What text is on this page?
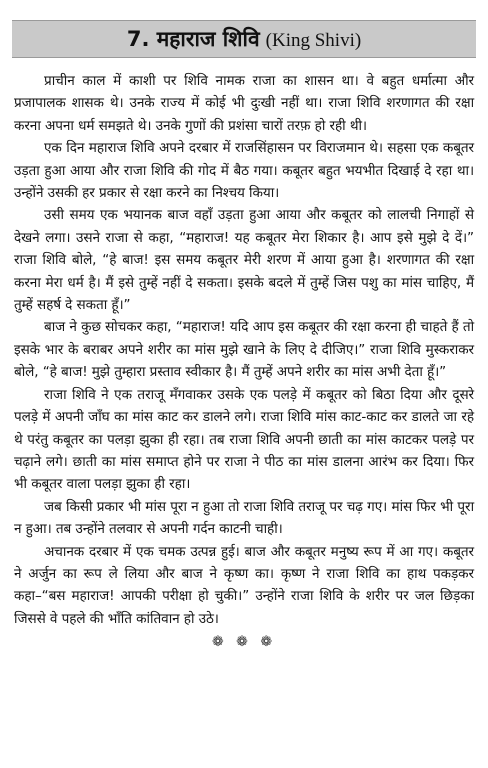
7. महाराज शिवि (King Shivi)

प्राचीन काल में काशी पर शिवि नामक राजा का शासन था। वे बहुत धर्मात्मा और प्रजापालक शासक थे। उनके राज्य में कोई भी दुःखी नहीं था। राजा शिवि शरणागत की रक्षा करना अपना धर्म समझते थे। उनके गुणों की प्रशंसा चारों तरफ़ हो रही थी।

एक दिन महाराज शिवि अपने दरबार में राजसिंहासन पर विराजमान थे। सहसा एक कबूतर उड़ता हुआ आया और राजा शिवि की गोद में बैठ गया। कबूतर बहुत भयभीत दिखाई दे रहा था। उन्होंने उसकी हर प्रकार से रक्षा करने का निश्चय किया।

उसी समय एक भयानक बाज वहाँ उड़ता हुआ आया और कबूतर को लालची निगाहों से देखने लगा। उसने राजा से कहा, “महाराज! यह कबूतर मेरा शिकार है। आप इसे मुझे दे दें।” राजा शिवि बोले, “हे बाज! इस समय कबूतर मेरी शरण में आया हुआ है। शरणागत की रक्षा करना मेरा धर्म है। मैं इसे तुम्हें नहीं दे सकता। इसके बदले में तुम्हें जिस पशु का मांस चाहिए, मैं तुम्हें सहर्ष दे सकता हूँ।”

बाज ने कुछ सोचकर कहा, “महाराज! यदि आप इस कबूतर की रक्षा करना ही चाहते हैं तो इसके भार के बराबर अपने शरीर का मांस मुझे खाने के लिए दे दीजिए।” राजा शिवि मुस्कराकर बोले, “हे बाज! मुझे तुम्हारा प्रस्ताव स्वीकार है। मैं तुम्हें अपने शरीर का मांस अभी देता हूँ।”

राजा शिवि ने एक तराजू मँगवाकर उसके एक पलड़े में कबूतर को बिठा दिया और दूसरे पलड़े में अपनी जाँघ का मांस काट कर डालने लगे। राजा शिवि मांस काट-काट कर डालते जा रहे थे परंतु कबूतर का पलड़ा झुका ही रहा। तब राजा शिवि अपनी छाती का मांस काटकर पलड़े पर चढ़ाने लगे। छाती का मांस समाप्त होने पर राजा ने पीठ का मांस डालना आरंभ कर दिया। फिर भी कबूतर वाला पलड़ा झुका ही रहा।

जब किसी प्रकार भी मांस पूरा न हुआ तो राजा शिवि तराजू पर चढ़ गए। मांस फिर भी पूरा न हुआ। तब उन्होंने तलवार से अपनी गर्दन काटनी चाही।

अचानक दरबार में एक चमक उत्पन्न हुई। बाज और कबूतर मनुष्य रूप में आ गए। कबूतर ने अर्जुन का रूप ले लिया और बाज ने कृष्ण का। कृष्ण ने राजा शिवि का हाथ पकड़कर कहा–“बस महाराज! आपकी परीक्षा हो चुकी।” उन्होंने राजा शिवि के शरीर पर जल छिड़का जिससे वे पहले की भाँति कांतिवान हो उठे।

❁ ❁ ❁
